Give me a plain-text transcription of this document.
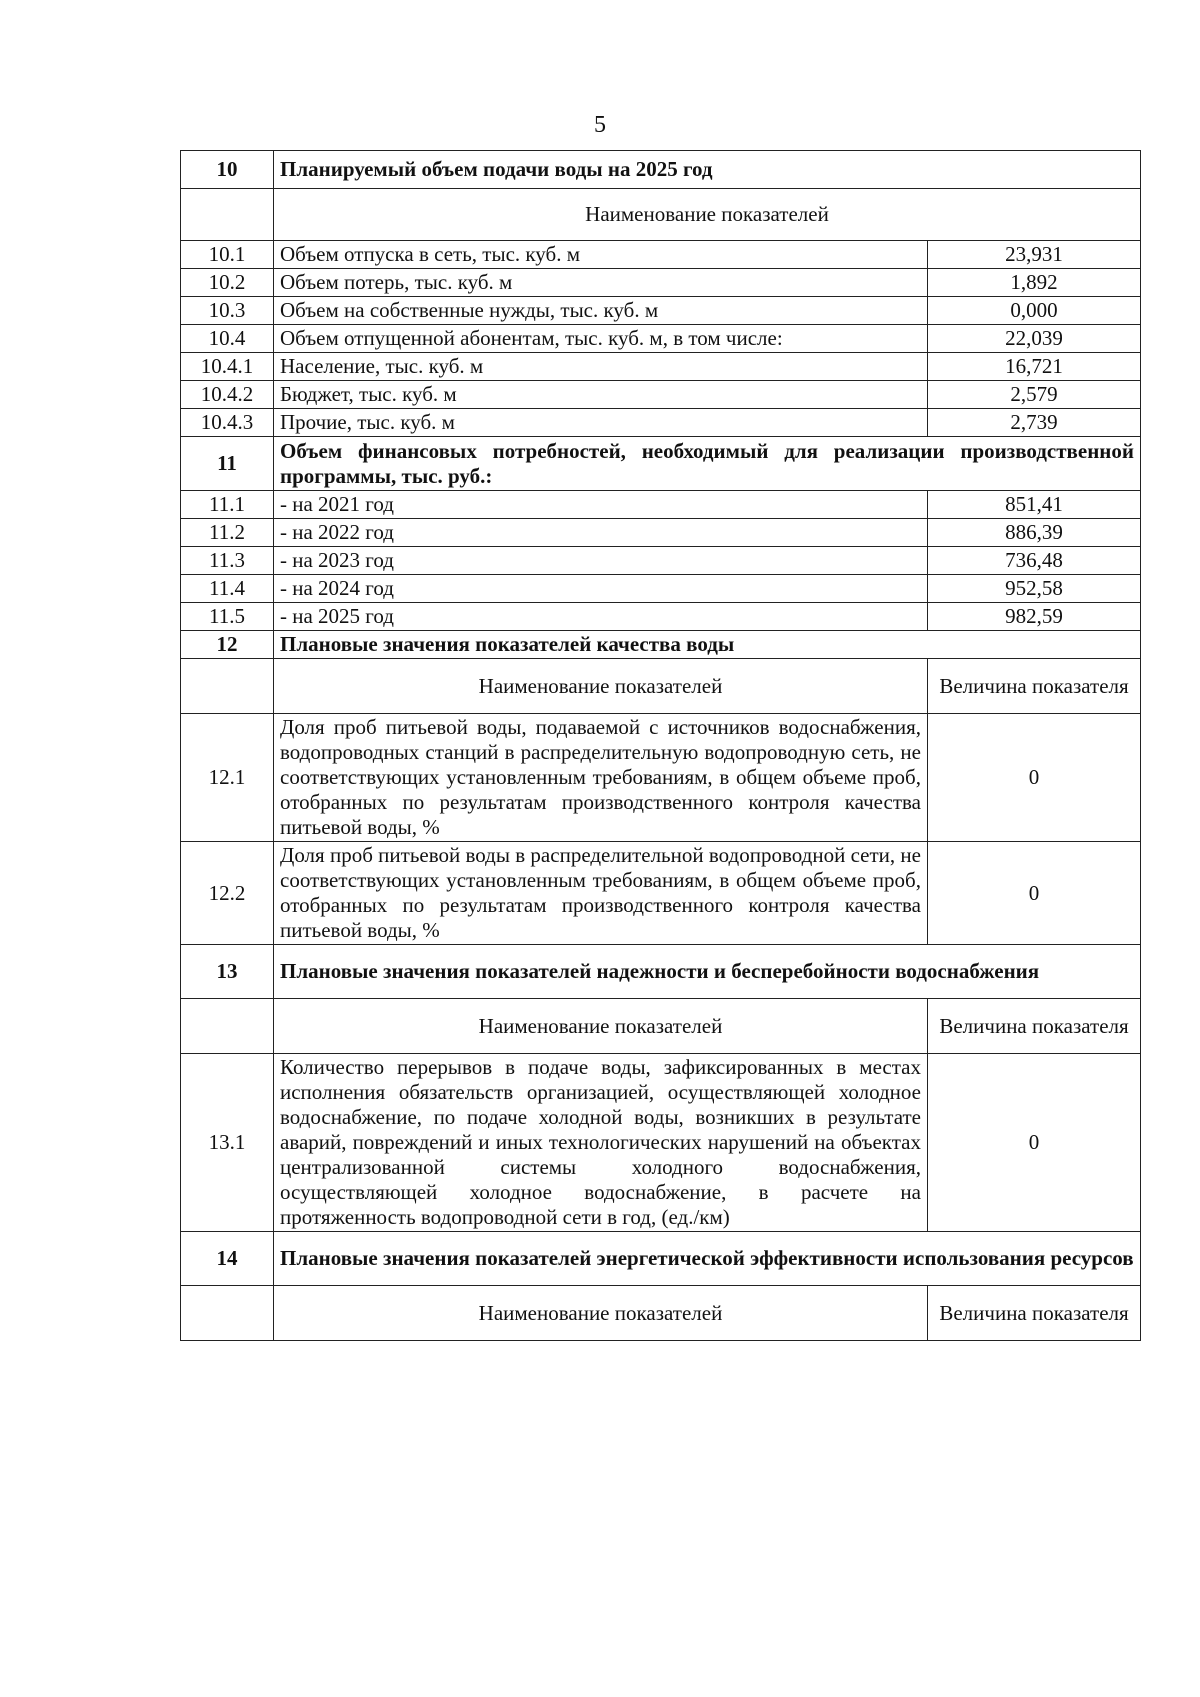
5
10	Планируемый объем подачи воды на 2025 год	
	Наименование показателей	
10.1	Объем отпуска в сеть, тыс. куб. м	23,931
10.2	Объем потерь, тыс. куб. м	1,892
10.3	Объем на собственные нужды, тыс. куб. м	0,000
10.4	Объем отпущенной абонентам, тыс. куб. м, в том числе:	22,039
10.4.1	Население, тыс. куб. м	16,721
10.4.2	Бюджет, тыс. куб. м	2,579
10.4.3	Прочие, тыс. куб. м	2,739
11	Объем финансовых потребностей, необходимый для реализации производственной программы, тыс. руб.:	
11.1	- на 2021 год	851,41
11.2	- на 2022 год	886,39
11.3	- на 2023 год	736,48
11.4	- на 2024 год	952,58
11.5	- на 2025 год	982,59
12	Плановые значения показателей качества воды	
	Наименование показателей	Величина показателя
12.1	Доля проб питьевой воды, подаваемой с источников водоснабжения, водопроводных станций в распределительную водопроводную сеть, не соответствующих установленным требованиям, в общем объеме проб, отобранных по результатам производственного контроля качества питьевой воды, %	0
12.2	Доля проб питьевой воды в распределительной водопроводной сети, не соответствующих установленным требованиям, в общем объеме проб, отобранных по результатам производственного контроля качества питьевой воды, %	0
13	Плановые значения показателей надежности и бесперебойности водоснабжения	
	Наименование показателей	Величина показателя
13.1	Количество перерывов в подаче воды, зафиксированных в местах исполнения обязательств организацией, осуществляющей холодное водоснабжение, по подаче холодной воды, возникших в результате аварий, повреждений и иных технологических нарушений на объектах централизованной системы холодного водоснабжения, осуществляющей холодное водоснабжение, в расчете на протяженность водопроводной сети в год, (ед./км)	0
14	Плановые значения показателей энергетической эффективности использования ресурсов	
	Наименование показателей	Величина показателя
